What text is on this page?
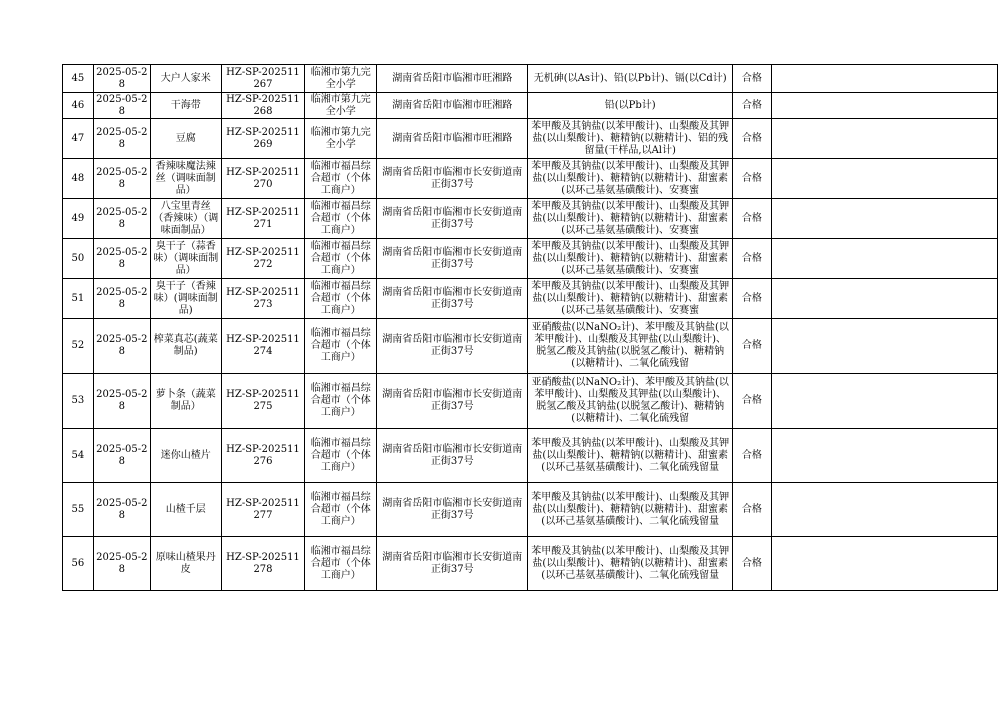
45	2025-05-28	大户人家米	HZ-SP-202511267	临湘市第九完全小学	湖南省岳阳市临湘市旺湘路	无机砷(以As计)、铅(以Pb计)、镉(以Cd计)	合格	
46	2025-05-28	干海带	HZ-SP-202511268	临湘市第九完全小学	湖南省岳阳市临湘市旺湘路	铅(以Pb计)	合格	
47	2025-05-28	豆腐	HZ-SP-202511269	临湘市第九完全小学	湖南省岳阳市临湘市旺湘路	苯甲酸及其钠盐(以苯甲酸计)、山梨酸及其钾盐(以山梨酸计)、糖精钠(以糖精计)、铝的残留量(干样品,以Al计)	合格	
48	2025-05-28	香辣味魔法辣丝（调味面制品）	HZ-SP-202511270	临湘市福昌综合超市（个体工商户）	湖南省岳阳市临湘市长安街道南正街37号	苯甲酸及其钠盐(以苯甲酸计)、山梨酸及其钾盐(以山梨酸计)、糖精钠(以糖精计)、甜蜜素(以环己基氨基磺酸计)、安赛蜜	合格	
49	2025-05-28	八宝里青丝（香辣味）（调味面制品）	HZ-SP-202511271	临湘市福昌综合超市（个体工商户）	湖南省岳阳市临湘市长安街道南正街37号	苯甲酸及其钠盐(以苯甲酸计)、山梨酸及其钾盐(以山梨酸计)、糖精钠(以糖精计)、甜蜜素(以环己基氨基磺酸计)、安赛蜜	合格	
50	2025-05-28	臭干子（蒜香味）（调味面制品）	HZ-SP-202511272	临湘市福昌综合超市（个体工商户）	湖南省岳阳市临湘市长安街道南正街37号	苯甲酸及其钠盐(以苯甲酸计)、山梨酸及其钾盐(以山梨酸计)、糖精钠(以糖精计)、甜蜜素(以环己基氨基磺酸计)、安赛蜜	合格	
51	2025-05-28	臭干子（香辣味）(调味面制品)	HZ-SP-202511273	临湘市福昌综合超市（个体工商户）	湖南省岳阳市临湘市长安街道南正街37号	苯甲酸及其钠盐(以苯甲酸计)、山梨酸及其钾盐(以山梨酸计)、糖精钠(以糖精计)、甜蜜素(以环己基氨基磺酸计)、安赛蜜	合格	
52	2025-05-28	榨菜真芯(蔬菜制品)	HZ-SP-202511274	临湘市福昌综合超市（个体工商户）	湖南省岳阳市临湘市长安街道南正街37号	亚硝酸盐(以NaNO₂计)、苯甲酸及其钠盐(以苯甲酸计)、山梨酸及其钾盐(以山梨酸计)、脱氢乙酸及其钠盐(以脱氢乙酸计)、糖精钠(以糖精计)、二氧化硫残留	合格	
53	2025-05-28	萝卜条（蔬菜制品）	HZ-SP-202511275	临湘市福昌综合超市（个体工商户）	湖南省岳阳市临湘市长安街道南正街37号	亚硝酸盐(以NaNO₂计)、苯甲酸及其钠盐(以苯甲酸计)、山梨酸及其钾盐(以山梨酸计)、脱氢乙酸及其钠盐(以脱氢乙酸计)、糖精钠(以糖精计)、二氧化硫残留	合格	
54	2025-05-28	迷你山楂片	HZ-SP-202511276	临湘市福昌综合超市（个体工商户）	湖南省岳阳市临湘市长安街道南正街37号	苯甲酸及其钠盐(以苯甲酸计)、山梨酸及其钾盐(以山梨酸计)、糖精钠(以糖精计)、甜蜜素(以环己基氨基磺酸计)、二氧化硫残留量	合格	
55	2025-05-28	山楂千层	HZ-SP-202511277	临湘市福昌综合超市（个体工商户）	湖南省岳阳市临湘市长安街道南正街37号	苯甲酸及其钠盐(以苯甲酸计)、山梨酸及其钾盐(以山梨酸计)、糖精钠(以糖精计)、甜蜜素(以环己基氨基磺酸计)、二氧化硫残留量	合格	
56	2025-05-28	原味山楂果丹皮	HZ-SP-202511278	临湘市福昌综合超市（个体工商户）	湖南省岳阳市临湘市长安街道南正街37号	苯甲酸及其钠盐(以苯甲酸计)、山梨酸及其钾盐(以山梨酸计)、糖精钠(以糖精计)、甜蜜素(以环己基氨基磺酸计)、二氧化硫残留量	合格	
